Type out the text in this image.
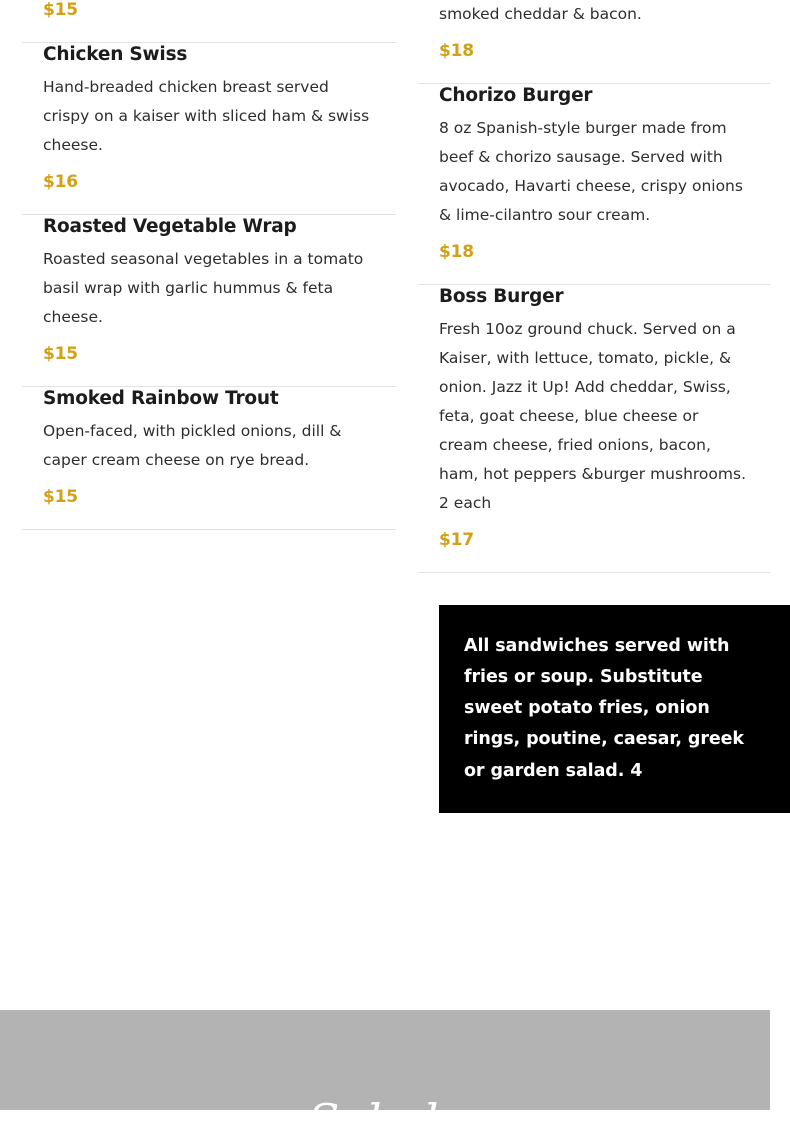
$15

Chicken Swiss

Hand-breaded chicken breast served crispy on a kaiser with sliced ham & swiss cheese.

$16

Roasted Vegetable Wrap

Roasted seasonal vegetables in a tomato basil wrap with garlic hummus & feta cheese.

$15

Smoked Rainbow Trout

Open-faced, with pickled onions, dill & caper cream cheese on rye bread.

$15

smoked cheddar & bacon.

$18

Chorizo Burger

8 oz Spanish-style burger made from beef & chorizo sausage. Served with avocado, Havarti cheese, crispy onions & lime-cilantro sour cream.

$18

Boss Burger

Fresh 10oz ground chuck. Served on a Kaiser, with lettuce, tomato, pickle, & onion. Jazz it Up! Add cheddar, Swiss, feta, goat cheese, blue cheese or cream cheese, fried onions, bacon, ham, hot peppers &burger mushrooms. 2 each

$17

All sandwiches served with fries or soup. Substitute sweet potato fries, onion rings, poutine, caesar, greek or garden salad. 4

Salads
